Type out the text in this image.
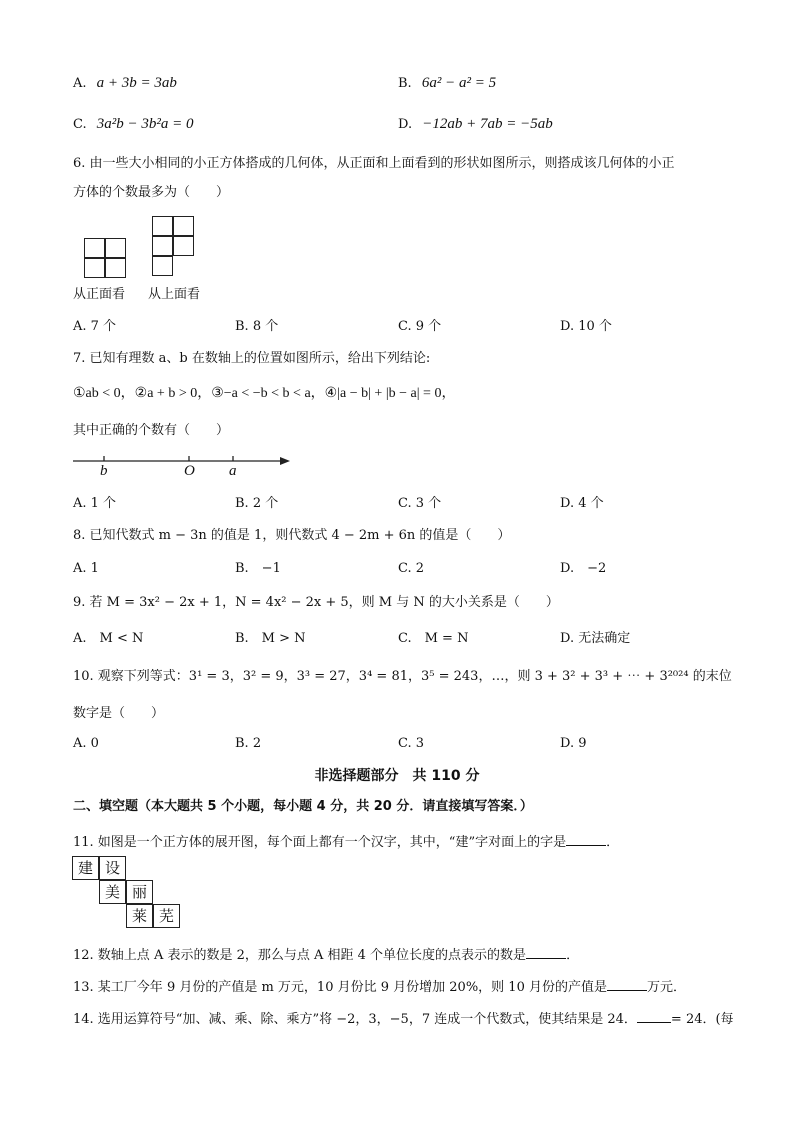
A. a + 3b = 3ab	B. 6a² − a² = 5
C. 3a²b − 3b²a = 0	D. −12ab + 7ab = −5ab
6. 由一些大小相同的小正方体搭成的几何体，从正面和上面看到的形状如图所示，则搭成该几何体的小正
方体的个数最多为（　　）
从正面看 从上面看
A. 7 个	B. 8 个	C. 9 个	D. 10 个
7. 已知有理数 a、b 在数轴上的位置如图所示，给出下列结论:
①ab < 0，②a + b > 0，③−a < −b < b < a，④|a − b| + |b − a| = 0，
其中正确的个数有（　　）
b	O a
A. 1 个	B. 2 个	C. 3 个	D. 4 个
8. 已知代数式 m − 3n 的值是 1，则代数式 4 − 2m + 6n 的值是（　　）
A. 1	B.　−1	C. 2	D.　−2
9. 若 M = 3x² − 2x + 1，N = 4x² − 2x + 5，则 M 与 N 的大小关系是（　　）
A.　M < N	B.　M > N	C.　M = N	D. 无法确定
10. 观察下列等式：3¹ = 3，3² = 9，3³ = 27，3⁴ = 81，3⁵ = 243，…，则 3 + 3² + 3³ + ⋯ + 3²⁰²⁴ 的末位
数字是（　　）
A. 0	B. 2	C. 3	D. 9
非选择题部分　共 110 分
二、填空题（本大题共 5 个小题，每小题 4 分，共 20 分．请直接填写答案．）
11. 如图是一个正方体的展开图，每个面上都有一个汉字，其中，“建”字对面上的字是	．
建 设
美 丽
莱 芜
12. 数轴上点 A 表示的数是 2，那么与点 A 相距 4 个单位长度的点表示的数是	．
13. 某工厂今年 9 月份的产值是 m 万元，10 月份比 9 月份增加 20%，则 10 月份的产值是	万元．
14. 选用运算符号“加、减、乘、除、乘方”将 −2，3，−5，7 连成一个代数式，使其结果是 24．	= 24．(每
